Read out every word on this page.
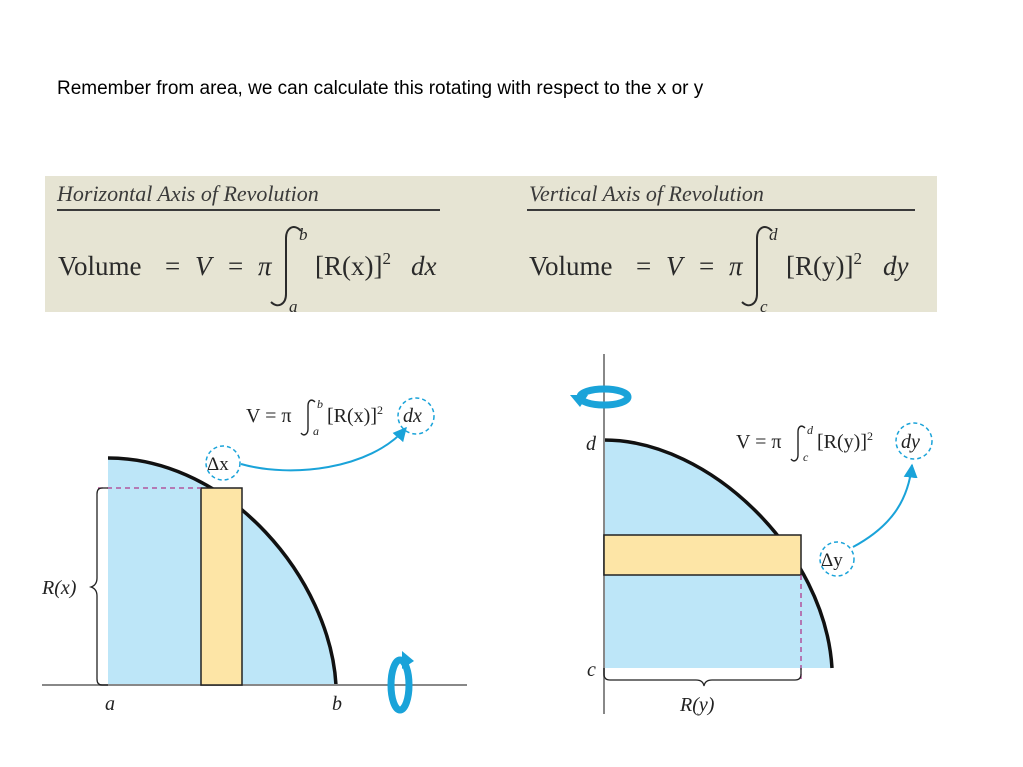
Remember from area, we can calculate this rotating with respect to the x or y
Horizontal Axis of Revolution	Vertical Axis of Revolution
Volume = V = π
b
a
$[R(x)]^2$ dx	Volume = V = π
d
c
$[R(y)]^2$ dy
R(x)
a	b
Δx
V = π
b
a
$[R(x)]^2$ dx
R(y)
d
c
Δy
V = π
d
c
$[R(y)]^2$ dy
